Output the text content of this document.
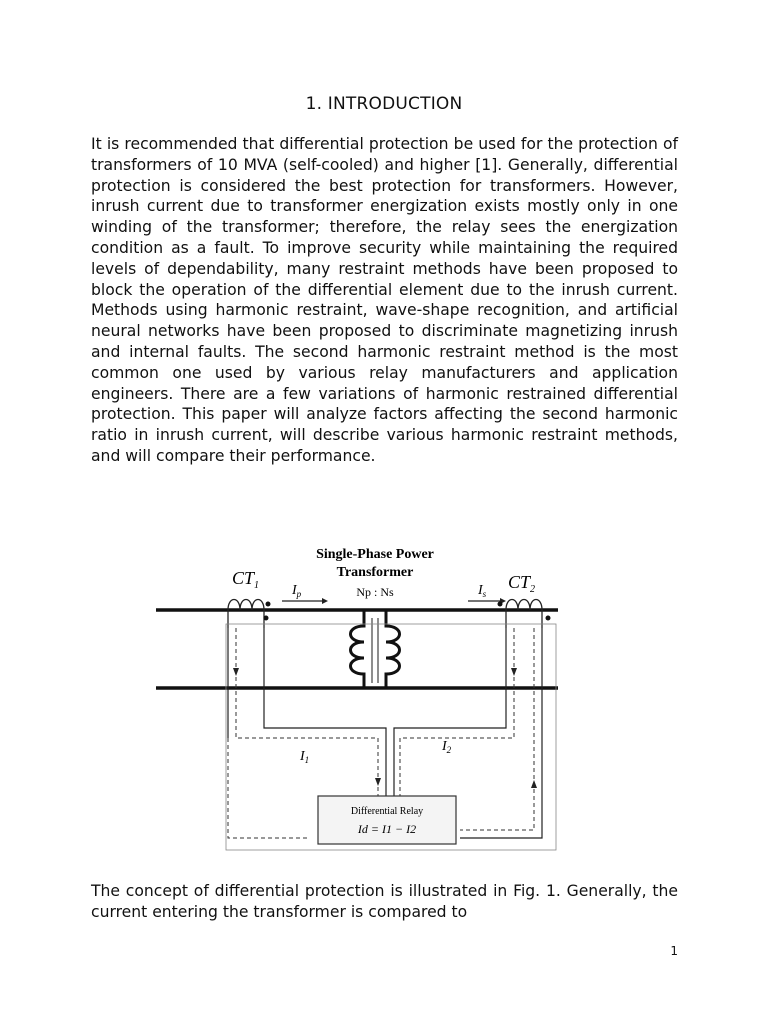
1. INTRODUCTION

It is recommended that differential protection be used for the protection of transformers of 10 MVA (self-cooled) and higher [1]. Generally, differential protection is considered the best protection for transformers. However, inrush current due to transformer energization exists mostly only in one winding of the transformer; therefore, the relay sees the energization condition as a fault. To improve security while maintaining the required levels of dependability, many restraint methods have been proposed to block the operation of the differential element due to the inrush current. Methods using harmonic restraint, wave-shape recognition, and artificial neural networks have been proposed to discriminate magnetizing inrush and internal faults. The second harmonic restraint method is the most common one used by various relay manufacturers and application engineers. There are a few variations of harmonic restrained differential protection. This paper will analyze factors affecting the second harmonic ratio in inrush current, will describe various harmonic restraint methods, and will compare their performance.

Single-Phase Power
Transformer
$CT_1$	$CT_2$
$I_p$	$I_s$
Np : Ns
$I_1$
$I_2$
Differential Relay
Id = I1 − I2

The concept of differential protection is illustrated in Fig. 1. Generally, the current entering the transformer is compared to

1
